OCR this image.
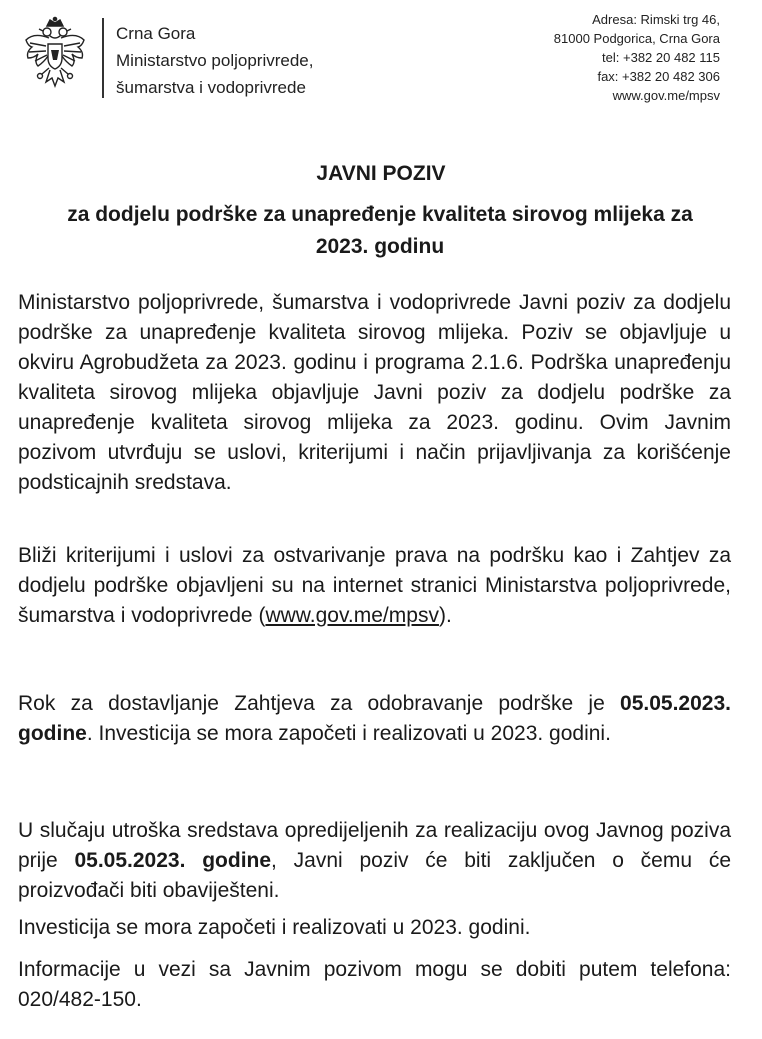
Crna Gora
Ministarstvo poljoprivrede,
šumarstva i vodoprivrede
Adresa: Rimski trg 46,
81000 Podgorica, Crna Gora
tel: +382 20 482 115
fax: +382 20 482 306
www.gov.me/mpsv
JAVNI POZIV
za dodjelu podrške za unapređenje kvaliteta sirovog mlijeka za 2023. godinu
Ministarstvo poljoprivrede, šumarstva i vodoprivrede Javni poziv za dodjelu podrške za unapređenje kvaliteta sirovog mlijeka. Poziv se objavljuje u okviru Agrobudžeta za 2023. godinu i programa 2.1.6. Podrška unapređenju kvaliteta sirovog mlijeka objavljuje Javni poziv za dodjelu podrške za unapređenje kvaliteta sirovog mlijeka za 2023. godinu. Ovim Javnim pozivom utvrđuju se uslovi, kriterijumi i način prijavljivanja za korišćenje podsticajnih sredstava.
Bliži kriterijumi i uslovi za ostvarivanje prava na podršku kao i Zahtjev za dodjelu podrške objavljeni su na internet stranici Ministarstva poljoprivrede, šumarstva i vodoprivrede (www.gov.me/mpsv).
Rok za dostavljanje Zahtjeva za odobravanje podrške je 05.05.2023. godine. Investicija se mora započeti i realizovati u 2023. godini.
U slučaju utroška sredstava opredijeljenih za realizaciju ovog Javnog poziva prije 05.05.2023. godine, Javni poziv će biti zaključen o čemu će proizvođači biti obaviješteni.
Investicija se mora započeti i realizovati u 2023. godini.
Informacije u vezi sa Javnim pozivom mogu se dobiti putem telefona: 020/482-150.
